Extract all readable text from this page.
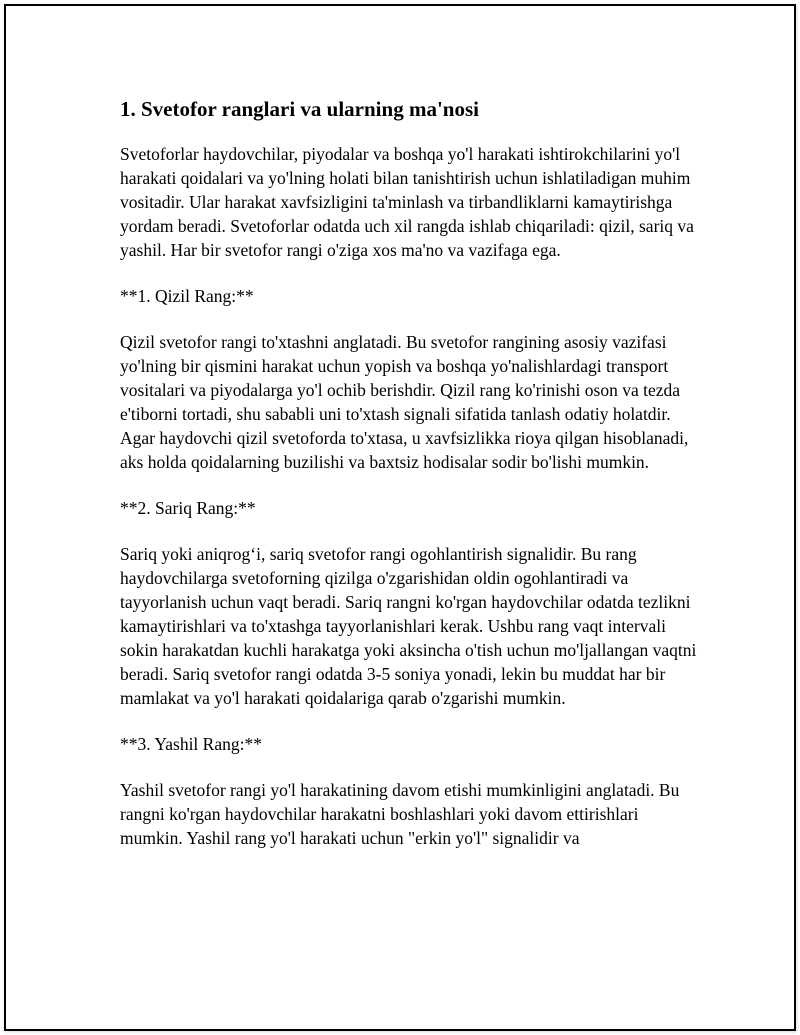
1. Svetofor ranglari va ularning ma'nosi

Svetoforlar haydovchilar, piyodalar va boshqa yo'l harakati ishtirokchilarini yo'l harakati qoidalari va yo'lning holati bilan tanishtirish uchun ishlatiladigan muhim vositadir. Ular harakat xavfsizligini ta'minlash va tirbandliklarni kamaytirishga yordam beradi. Svetoforlar odatda uch xil rangda ishlab chiqariladi: qizil, sariq va yashil. Har bir svetofor rangi o'ziga xos ma'no va vazifaga ega.

**1. Qizil Rang:**

Qizil svetofor rangi to'xtashni anglatadi. Bu svetofor rangining asosiy vazifasi yo'lning bir qismini harakat uchun yopish va boshqa yo'nalishlardagi transport vositalari va piyodalarga yo'l ochib berishdir. Qizil rang ko'rinishi oson va tezda e'tiborni tortadi, shu sababli uni to'xtash signali sifatida tanlash odatiy holatdir. Agar haydovchi qizil svetoforda to'xtasa, u xavfsizlikka rioya qilgan hisoblanadi, aks holda qoidalarning buzilishi va baxtsiz hodisalar sodir bo'lishi mumkin.

**2. Sariq Rang:**

Sariq yoki aniqrog‘i, sariq svetofor rangi ogohlantirish signalidir. Bu rang haydovchilarga svetoforning qizilga o'zgarishidan oldin ogohlantiradi va tayyorlanish uchun vaqt beradi. Sariq rangni ko'rgan haydovchilar odatda tezlikni kamaytirishlari va to'xtashga tayyorlanishlari kerak. Ushbu rang vaqt intervali sokin harakatdan kuchli harakatga yoki aksincha o'tish uchun mo'ljallangan vaqtni beradi. Sariq svetofor rangi odatda 3-5 soniya yonadi, lekin bu muddat har bir mamlakat va yo'l harakati qoidalariga qarab o'zgarishi mumkin.

**3. Yashil Rang:**

Yashil svetofor rangi yo'l harakatining davom etishi mumkinligini anglatadi. Bu rangni ko'rgan haydovchilar harakatni boshlashlari yoki davom ettirishlari mumkin. Yashil rang yo'l harakati uchun "erkin yo'l" signalidir va
